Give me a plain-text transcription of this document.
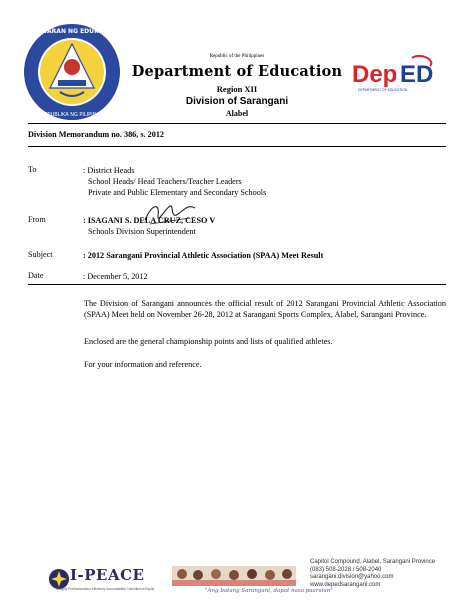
KAGAWARAN NG EDUKASYON
REPUBLIKA NG PILIPINAS
Republic of the Philippines
Department of Education
Region XII
Division of Sarangani
Alabel
Dep ED
DEPARTMENT OF EDUCATION
Division Memorandum no. 386, s. 2012
To	: District Heads
School Heads/ Head Teachers/Teacher Leaders
Private and Public Elementary and Secondary Schools
From	: ISAGANI S. DELA CRUZ, CESO V
Schools Division Superintendent
Subject	: 2012 Sarangani Provincial Athletic Association (SPAA) Meet Result
Date	: December 5, 2012
The Division of Sarangani announces the official result of 2012 Sarangani Provincial Athletic Association (SPAA) Meet held on November 26-28, 2012 at Sarangani Sports Complex, Alabel, Sarangani Province.
Enclosed are the general championship points and lists of qualified athletes.
For your information and reference.
I-PEACE
Integrity Professionalism Efficiency Accountability Commitment Equity	"Ang batang Sarangani, dapat nasa paaralan"
Capitol Compound, Alabel, Sarangani Province
(083) 508-2028 / 508-2040
sarangani.division@yahoo.com
www.depedsarangani.com
